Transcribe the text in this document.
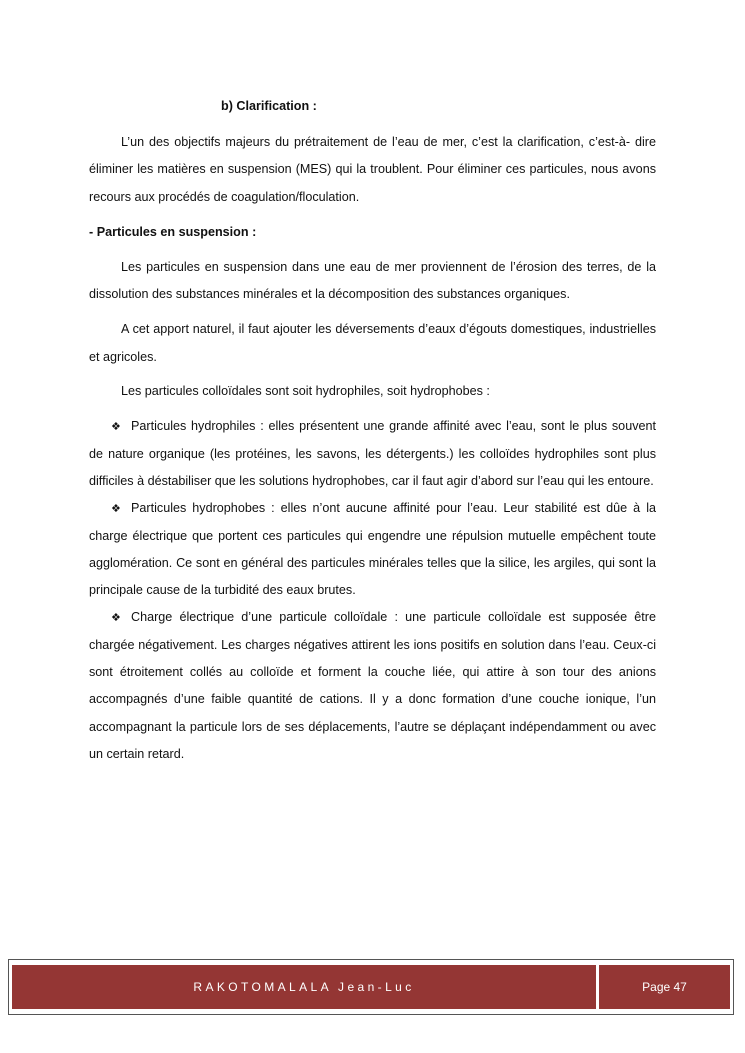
b) Clarification :

L’un des objectifs majeurs du prétraitement de l’eau de mer, c’est la clarification, c’est-à- dire éliminer les matières en suspension (MES) qui la troublent. Pour éliminer ces particules, nous avons recours aux procédés de coagulation/floculation.

- Particules en suspension :

Les particules en suspension dans une eau de mer proviennent de l’érosion des terres, de la dissolution des substances minérales et la décomposition des substances organiques.

A cet apport naturel, il faut ajouter les déversements d’eaux d’égouts domestiques, industrielles et agricoles.

Les particules colloïdales sont soit hydrophiles, soit hydrophobes :

❖ Particules hydrophiles : elles présentent une grande affinité avec l’eau, sont le plus souvent de nature organique (les protéines, les savons, les détergents.) les colloïdes hydrophiles sont plus difficiles à déstabiliser que les solutions hydrophobes, car il faut agir d’abord sur l’eau qui les entoure.

❖ Particules hydrophobes : elles n’ont aucune affinité pour l’eau. Leur stabilité est dûe à la charge électrique que portent ces particules qui engendre une répulsion mutuelle empêchent toute agglomération. Ce sont en général des particules minérales telles que la silice, les argiles, qui sont la principale cause de la turbidité des eaux brutes.

❖ Charge électrique d’une particule colloïdale : une particule colloïdale est supposée être chargée négativement. Les charges négatives attirent les ions positifs en solution dans l’eau. Ceux-ci sont étroitement collés au colloïde et forment la couche liée, qui attire à son tour des anions accompagnés d’une faible quantité de cations. Il y a donc formation d’une couche ionique, l’un accompagnant la particule lors de ses déplacements, l’autre se déplaçant indépendamment ou avec un certain retard.

RAKOTOMALALA Jean-Luc	Page 47
